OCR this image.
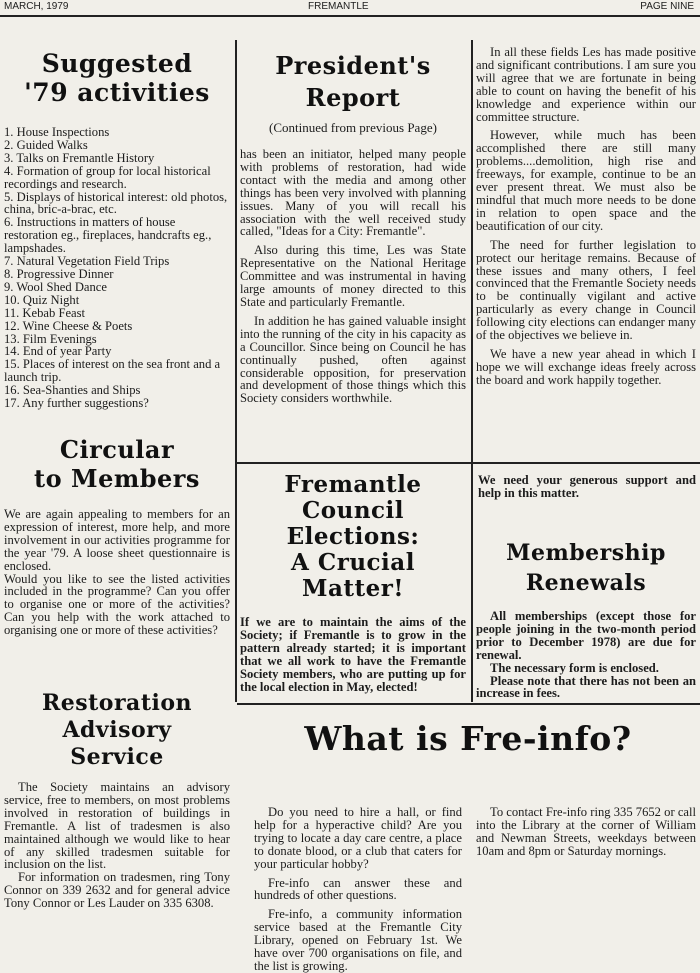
MARCH, 1979	FREMANTLE	PAGE NINE
Suggested
'79 activities
1. House Inspections
2. Guided Walks
3. Talks on Fremantle History
4. Formation of group for local historical recordings and research.
5. Displays of historical interest: old photos, china, bric-a-brac, etc.
6. Instructions in matters of house restoration eg., fireplaces, handcrafts eg., lampshades.
7. Natural Vegetation Field Trips
8. Progressive Dinner
9. Wool Shed Dance
10. Quiz Night
11. Kebab Feast
12. Wine Cheese & Poets
13. Film Evenings
14. End of year Party
15. Places of interest on the sea front and a launch trip.
16. Sea-Shanties and Ships
17. Any further suggestions?
Circular
to Members

We are again appealing to members for an expression of interest, more help, and more involvement in our activities programme for the year '79. A loose sheet questionnaire is enclosed.

Would you like to see the listed activities included in the programme? Can you offer to organise one or more of the activities? Can you help with the work attached to organising one or more of these activities?

Restoration
Advisory
Service

The Society maintains an advisory service, free to members, on most problems involved in restoration of buildings in Fremantle. A list of tradesmen is also maintained although we would like to hear of any skilled tradesmen suitable for inclusion on the list.

For information on tradesmen, ring Tony Connor on 339 2632 and for general advice Tony Connor or Les Lauder on 335 6308.

President's
Report
(Continued from previous Page)

has been an initiator, helped many people with problems of restoration, had wide contact with the media and among other things has been very involved with planning issues. Many of you will recall his association with the well received study called, "Ideas for a City: Fremantle".

Also during this time, Les was State Representative on the National Heritage Committee and was instrumental in having large amounts of money directed to this State and particularly Fremantle.

In addition he has gained valuable insight into the running of the city in his capacity as a Councillor. Since being on Council he has continually pushed, often against considerable opposition, for preservation and development of those things which this Society considers worthwhile.

In all these fields Les has made positive and significant contributions. I am sure you will agree that we are fortunate in being able to count on having the benefit of his knowledge and experience within our committee structure.

However, while much has been accomplished there are still many problems....demolition, high rise and freeways, for example, continue to be an ever present threat. We must also be mindful that much more needs to be done in relation to open space and the beautification of our city.

The need for further legislation to protect our heritage remains. Because of these issues and many others, I feel convinced that the Fremantle Society needs to be continually vigilant and active particularly as every change in Council following city elections can endanger many of the objectives we believe in.

We have a new year ahead in which I hope we will exchange ideas freely across the board and work happily together.

Fremantle
Council
Elections:
A Crucial
Matter!
If we are to maintain the aims of the Society; if Fremantle is to grow in the pattern already started; it is important that we all work to have the Fremantle Society members, who are putting up for the local election in May, elected!
We need your generous support and help in this matter.
Membership
Renewals

All memberships (except those for people joining in the two-month period prior to December 1978) are due for renewal.

The necessary form is enclosed.

Please note that there has not been an increase in fees.

What is Fre-info?

Do you need to hire a hall, or find help for a hyperactive child? Are you trying to locate a day care centre, a place to donate blood, or a club that caters for your particular hobby?

Fre-info can answer these and hundreds of other questions.

Fre-info, a community information service based at the Fremantle City Library, opened on February 1st. We have over 700 organisations on file, and the list is growing.

To contact Fre-info ring 335 7652 or call into the Library at the corner of William and Newman Streets, weekdays between 10am and 8pm or Saturday mornings.
